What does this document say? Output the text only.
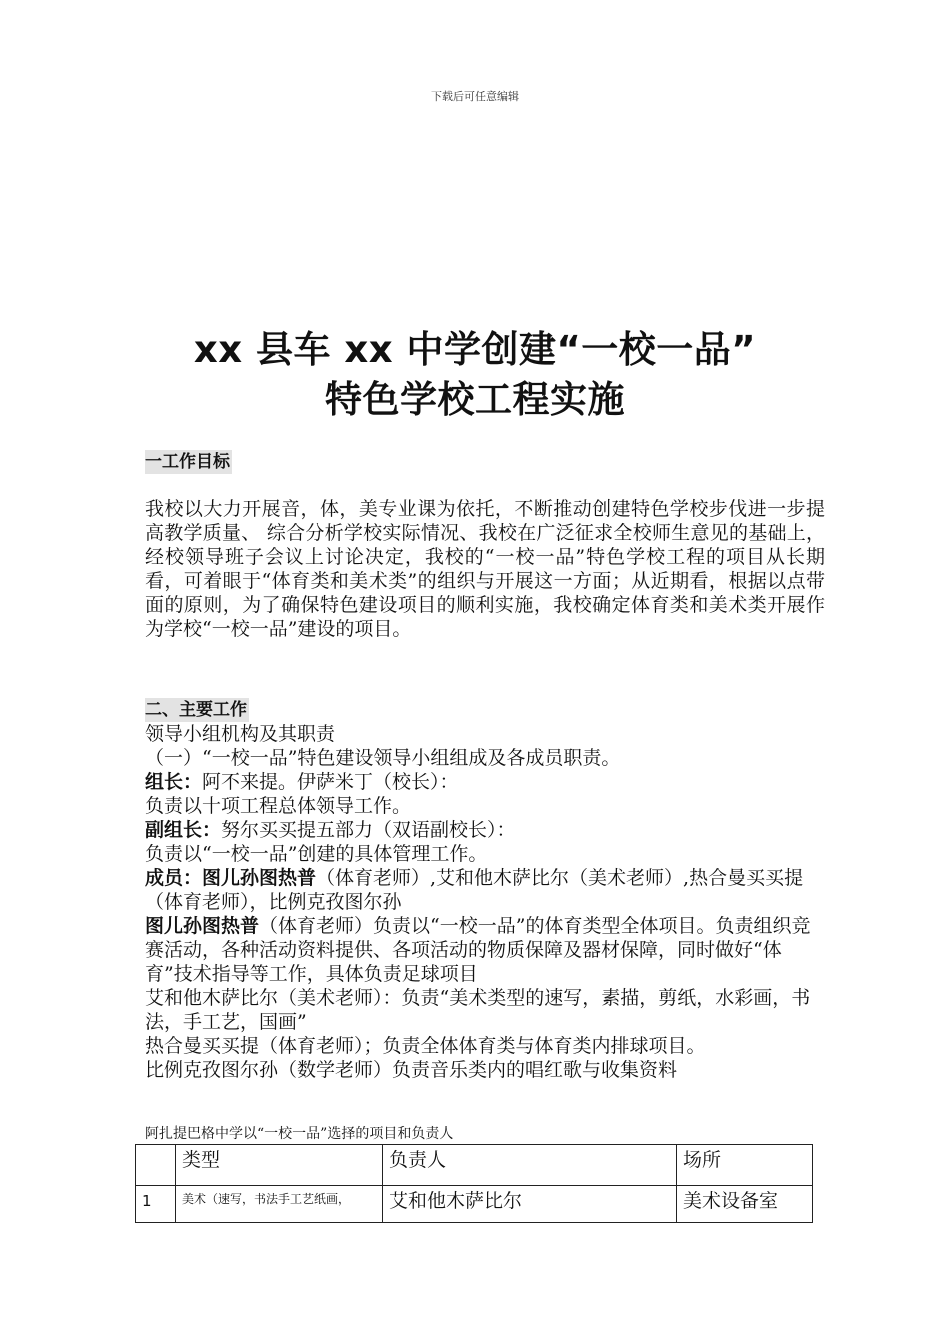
下载后可任意编辑
xx 县车 xx 中学创建“一校一品”
特色学校工程实施
一工作目标

我校以大力开展音，体，美专业课为依托，不断推动创建特色学校步伐进一步提高教学质量、 综合分析学校实际情况、我校在广泛征求全校师生意见的基础上，经校领导班子会议上讨论决定，我校的“一校一品”特色学校工程的项目从长期看，可着眼于“体育类和美术类”的组织与开展这一方面；从近期看，根据以点带面的原则，为了确保特色建设项目的顺利实施，我校确定体育类和美术类开展作为学校“一校一品”建设的项目。

二、主要工作
领导小组机构及其职责
（一）“一校一品”特色建设领导小组组成及各成员职责。
组长：阿不来提。伊萨米丁（校长）：
负责以十项工程总体领导工作。
副组长：努尔买买提五部力（双语副校长）：
负责以“一校一品”创建的具体管理工作。
成员：图儿孙图热普（体育老师）,艾和他木萨比尔（美术老师）,热合曼买买提（体育老师），比例克孜图尔孙
图儿孙图热普（体育老师）负责以“一校一品”的体育类型全体项目。负责组织竞赛活动，各种活动资料提供、各项活动的物质保障及器材保障，同时做好“体育”技术指导等工作，具体负责足球项目
艾和他木萨比尔（美术老师）：负责“美术类型的速写，素描，剪纸，水彩画，书法，手工艺，国画”
热合曼买买提（体育老师）；负责全体体育类与体育类内排球项目。
比例克孜图尔孙（数学老师）负责音乐类内的唱红歌与收集资料
阿扎提巴格中学以“一校一品”选择的项目和负责人
	类型	负责人	场所
1	美术（速写，书法手工艺纸画，	艾和他木萨比尔	美术设备室
